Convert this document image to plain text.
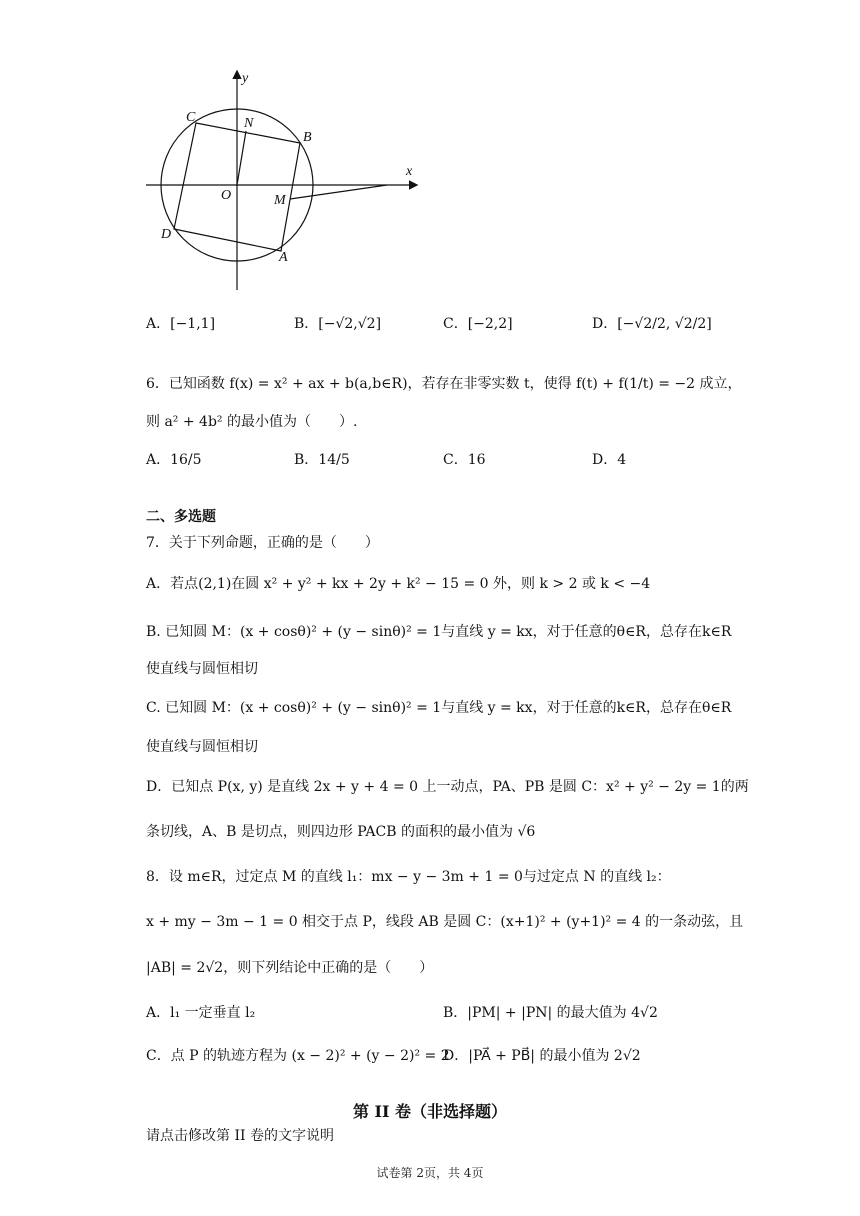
y
x
C	N
B
O	M
D
A
A．[−1,1]	B．[−√2,√2]	C．[−2,2]	D．[−√2/2, √2/2]
6．已知函数 f(x) = x² + ax + b(a,b∈R)，若存在非零实数 t，使得 f(t) + f(1/t) = −2 成立，
则 a² + 4b² 的最小值为（　　）.
A．16/5	B．14/5	C．16	D．4
二、多选题
7．关于下列命题，正确的是（　　）
A．若点(2,1)在圆 x² + y² + kx + 2y + k² − 15 = 0 外，则 k > 2 或 k < −4
B. 已知圆 M：(x + cosθ)² + (y − sinθ)² = 1与直线 y = kx，对于任意的θ∈R，总存在k∈R
使直线与圆恒相切
C. 已知圆 M：(x + cosθ)² + (y − sinθ)² = 1与直线 y = kx，对于任意的k∈R，总存在θ∈R
使直线与圆恒相切
D．已知点 P(x, y) 是直线 2x + y + 4 = 0 上一动点，PA、PB 是圆 C：x² + y² − 2y = 1的两
条切线，A、B 是切点，则四边形 PACB 的面积的最小值为 √6
8．设 m∈R，过定点 M 的直线 l₁：mx − y − 3m + 1 = 0与过定点 N 的直线 l₂：
x + my − 3m − 1 = 0 相交于点 P，线段 AB 是圆 C：(x+1)² + (y+1)² = 4 的一条动弦，且
|AB| = 2√2，则下列结论中正确的是（　　）
A．l₁ 一定垂直 l₂	B．|PM| + |PN| 的最大值为 4√2
C．点 P 的轨迹方程为 (x − 2)² + (y − 2)² = 2
D．|PA⃗ + PB⃗| 的最小值为 2√2
第 II 卷（非选择题）
请点击修改第 II 卷的文字说明
试卷第 2页，共 4页
